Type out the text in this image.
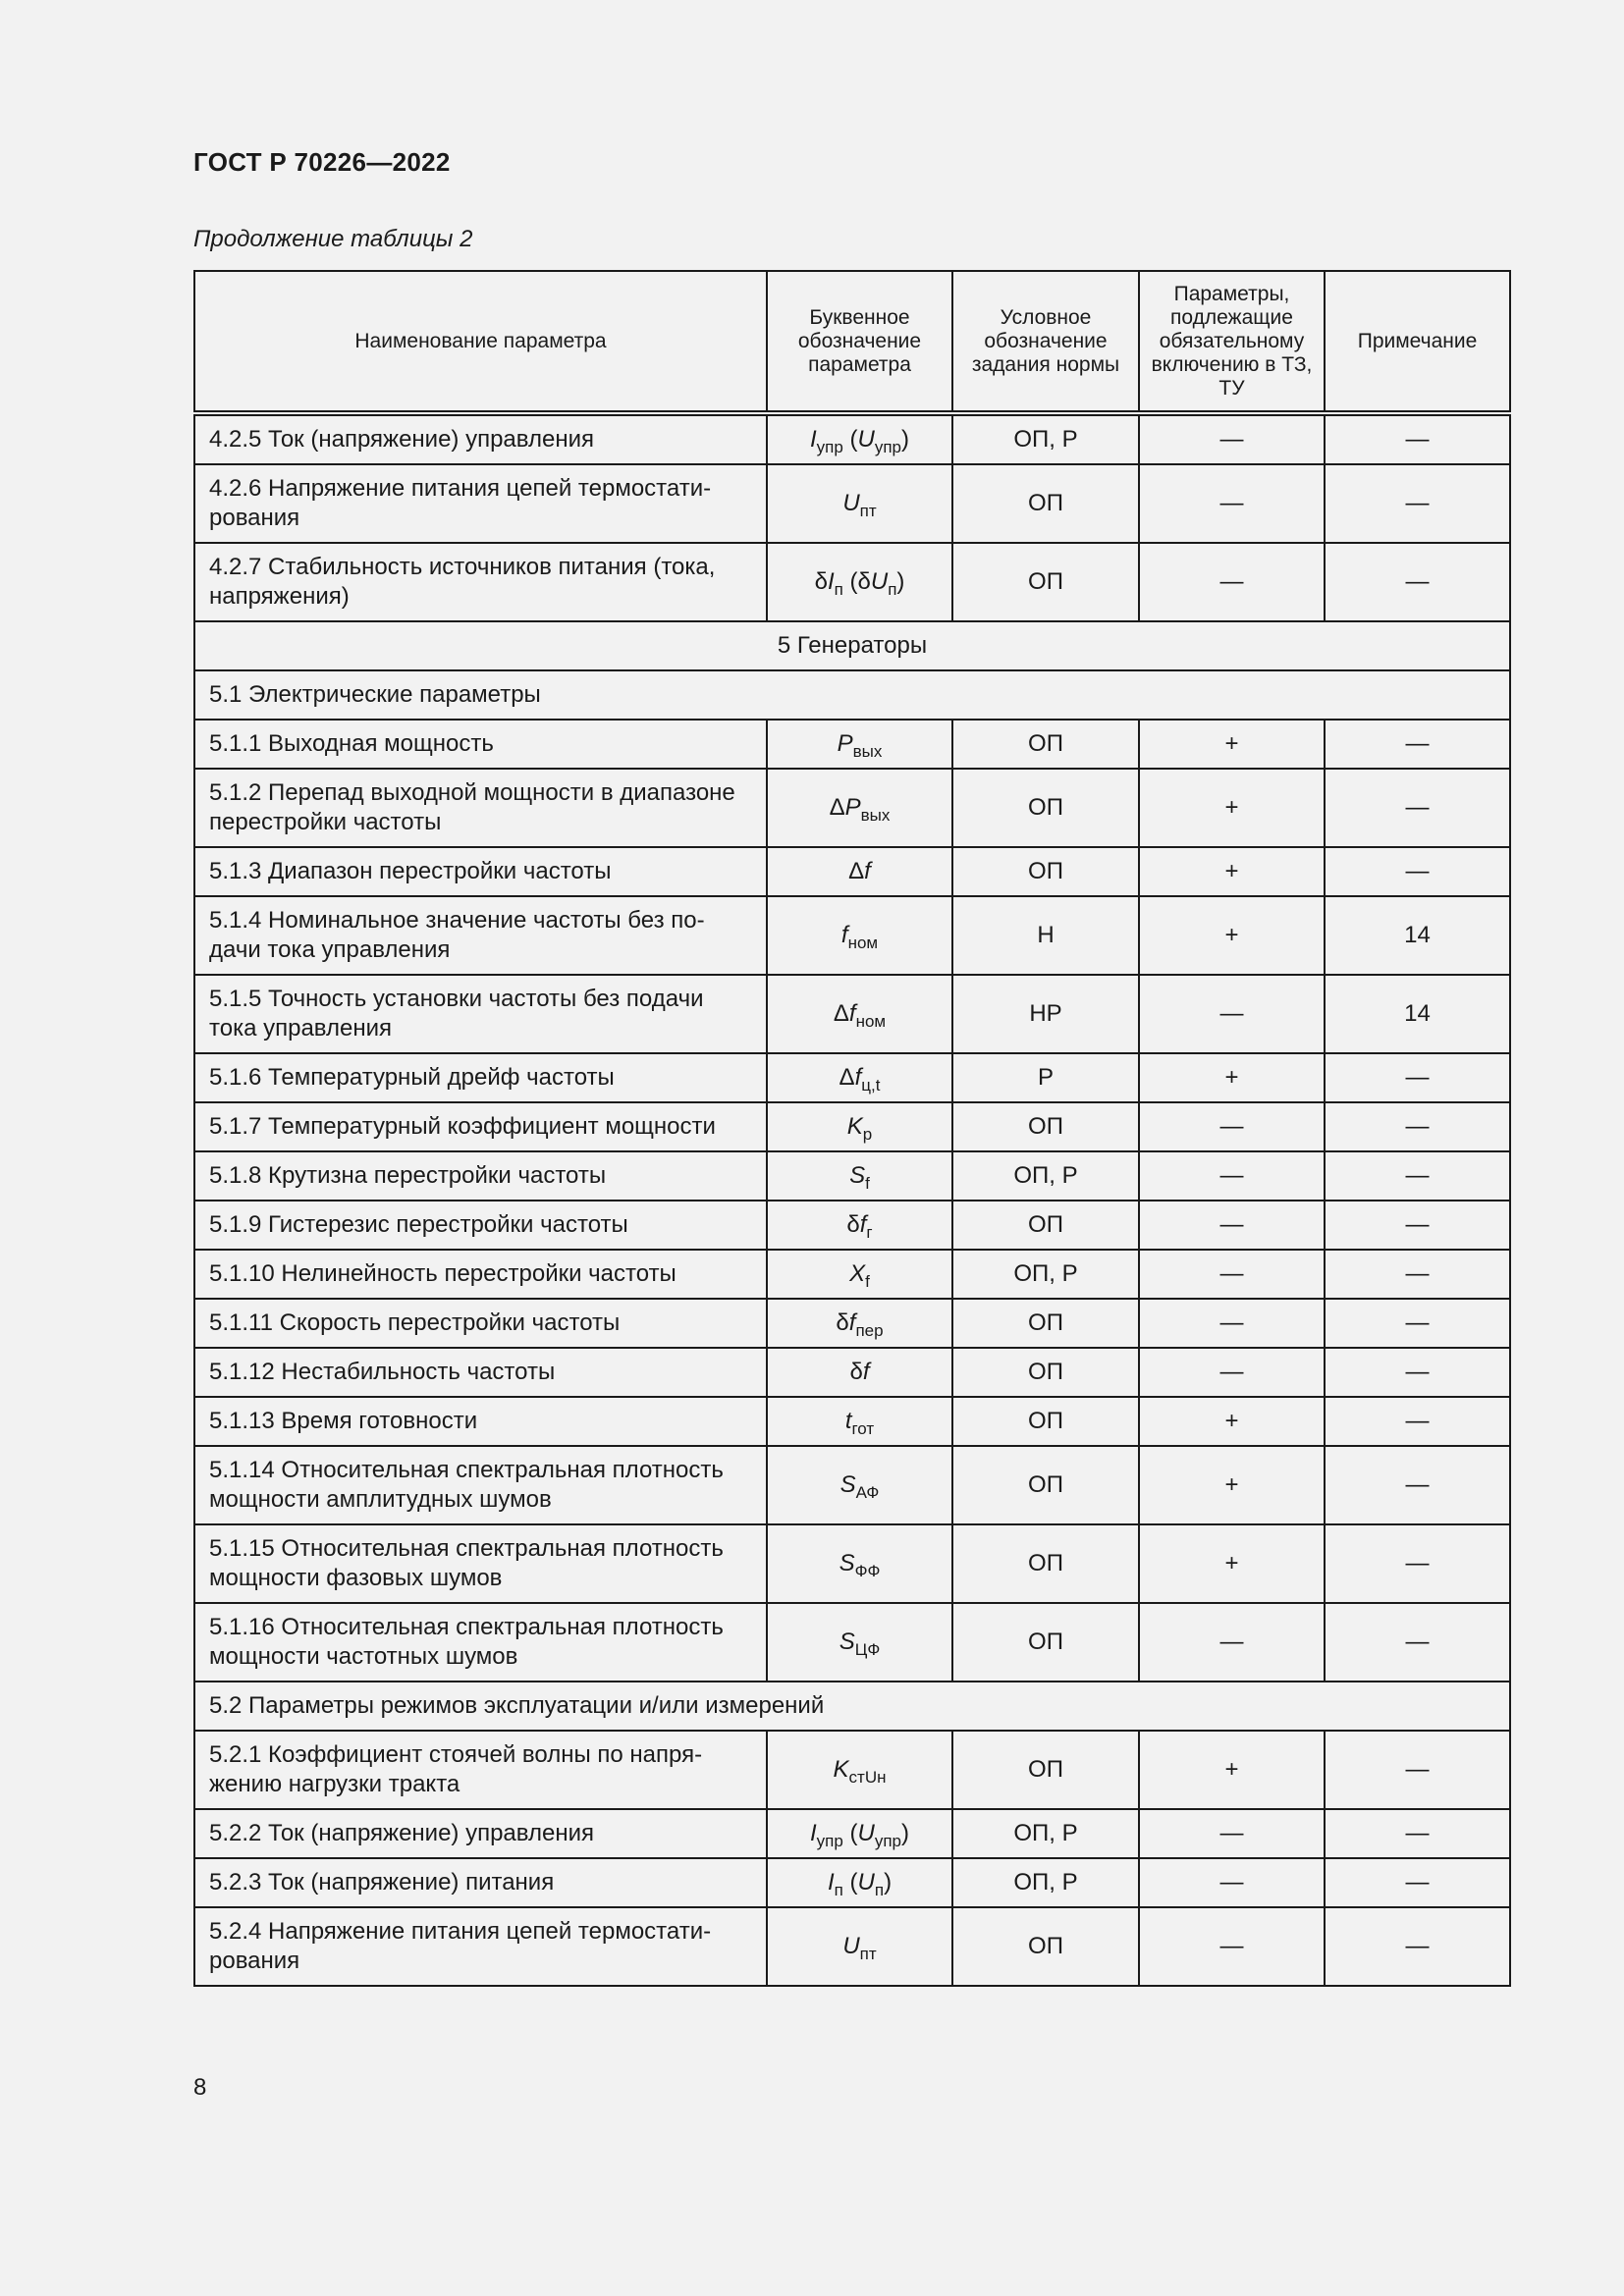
ГОСТ Р 70226—2022
Продолжение таблицы 2
Наименование параметра	Буквенное обозначение параметра	Условное обозначение задания нормы	Параметры, подлежащие обязательному включению в ТЗ, ТУ	Примечание
4.2.5 Ток (напряжение) управления	$I_{упр}$ $(U_{упр})$	ОП, Р	—	—
4.2.6 Напряжение питания цепей термостати-рования	$U_{пт}$	ОП	—	—
4.2.7 Стабильность источников питания (тока, напряжения)	$\delta I_п$ $(\delta U_п)$	ОП	—	—
5 Генераторы				
5.1 Электрические параметры				
5.1.1 Выходная мощность	$P_{вых}$	ОП	+	—
5.1.2 Перепад выходной мощности в диапазоне перестройки частоты	$\Delta P_{вых}$	ОП	+	—
5.1.3 Диапазон перестройки частоты	Δf	ОП	+	—
5.1.4 Номинальное значение частоты без по-дачи тока управления	$f_{ном}$	Н	+	14
5.1.5 Точность установки частоты без подачи тока управления	$\Delta f_{ном}$	НР	—	14
5.1.6 Температурный дрейф частоты	$\Delta f_{ц,t}$	Р	+	—
5.1.7 Температурный коэффициент мощности	$K_р$	ОП	—	—
5.1.8 Крутизна перестройки частоты	$S_f$	ОП, Р	—	—
5.1.9 Гистерезис перестройки частоты	$\delta f_г$	ОП	—	—
5.1.10 Нелинейность перестройки частоты	$X_f$	ОП, Р	—	—
5.1.11 Скорость перестройки частоты	$\delta f_{пер}$	ОП	—	—
5.1.12 Нестабильность частоты	δf	ОП	—	—
5.1.13 Время готовности	$t_{гот}$	ОП	+	—
5.1.14 Относительная спектральная плотность мощности амплитудных шумов	$S_{АФ}$	ОП	+	—
5.1.15 Относительная спектральная плотность мощности фазовых шумов	$S_{ФФ}$	ОП	+	—
5.1.16 Относительная спектральная плотность мощности частотных шумов	$S_{ЦФ}$	ОП	—	—
5.2 Параметры режимов эксплуатации и/или измерений				
5.2.1 Коэффициент стоячей волны по напря-жению нагрузки тракта	$K_{стUн}$	ОП	+	—
5.2.2 Ток (напряжение) управления	$I_{упр}$ $(U_{упр})$	ОП, Р	—	—
5.2.3 Ток (напряжение) питания	$I_п$ $(U_п)$	ОП, Р	—	—
5.2.4 Напряжение питания цепей термостати-рования	$U_{пт}$	ОП	—	—
8
